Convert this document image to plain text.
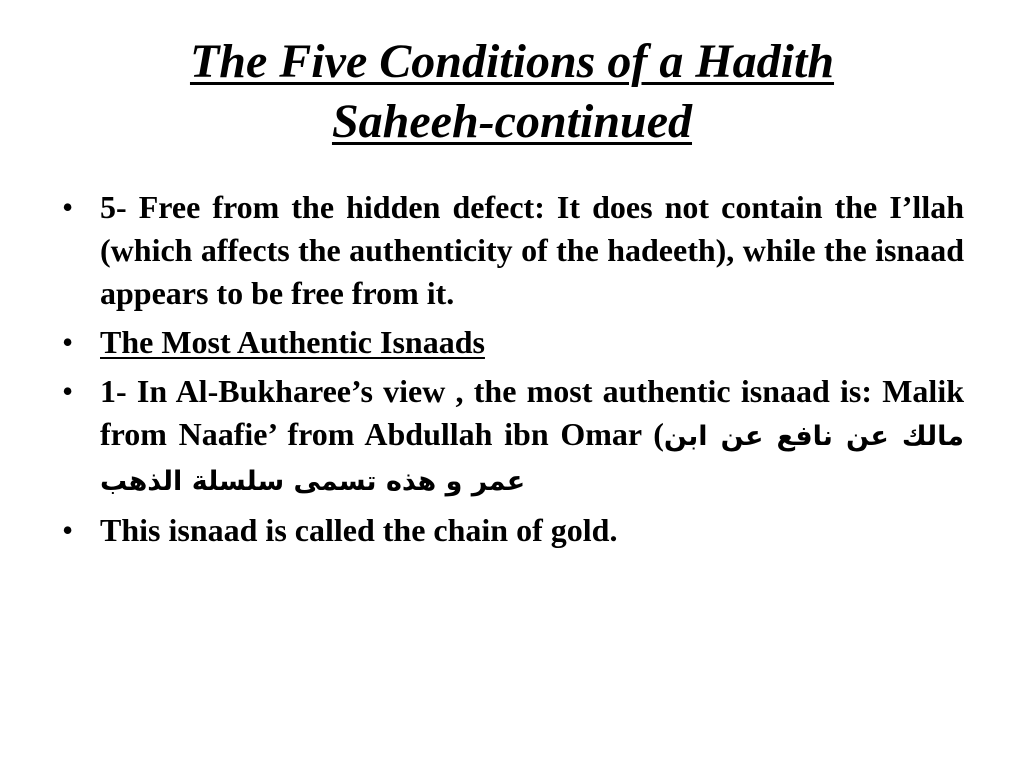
The Five Conditions of a Hadith
Saheeh-continued
• 5- Free from the hidden defect: It does not contain the I’llah (which affects the authenticity of the hadeeth), while the isnaad appears to be free from it.
• The Most Authentic Isnaads
• 1- In Al-Bukharee’s view , the most authentic isnaad is: Malik from Naafie’ from Abdullah ibn Omar (مالك عن نافع عن ابن عمر و هذه تسمى سلسلة الذهب
• This isnaad is called the chain of gold.
